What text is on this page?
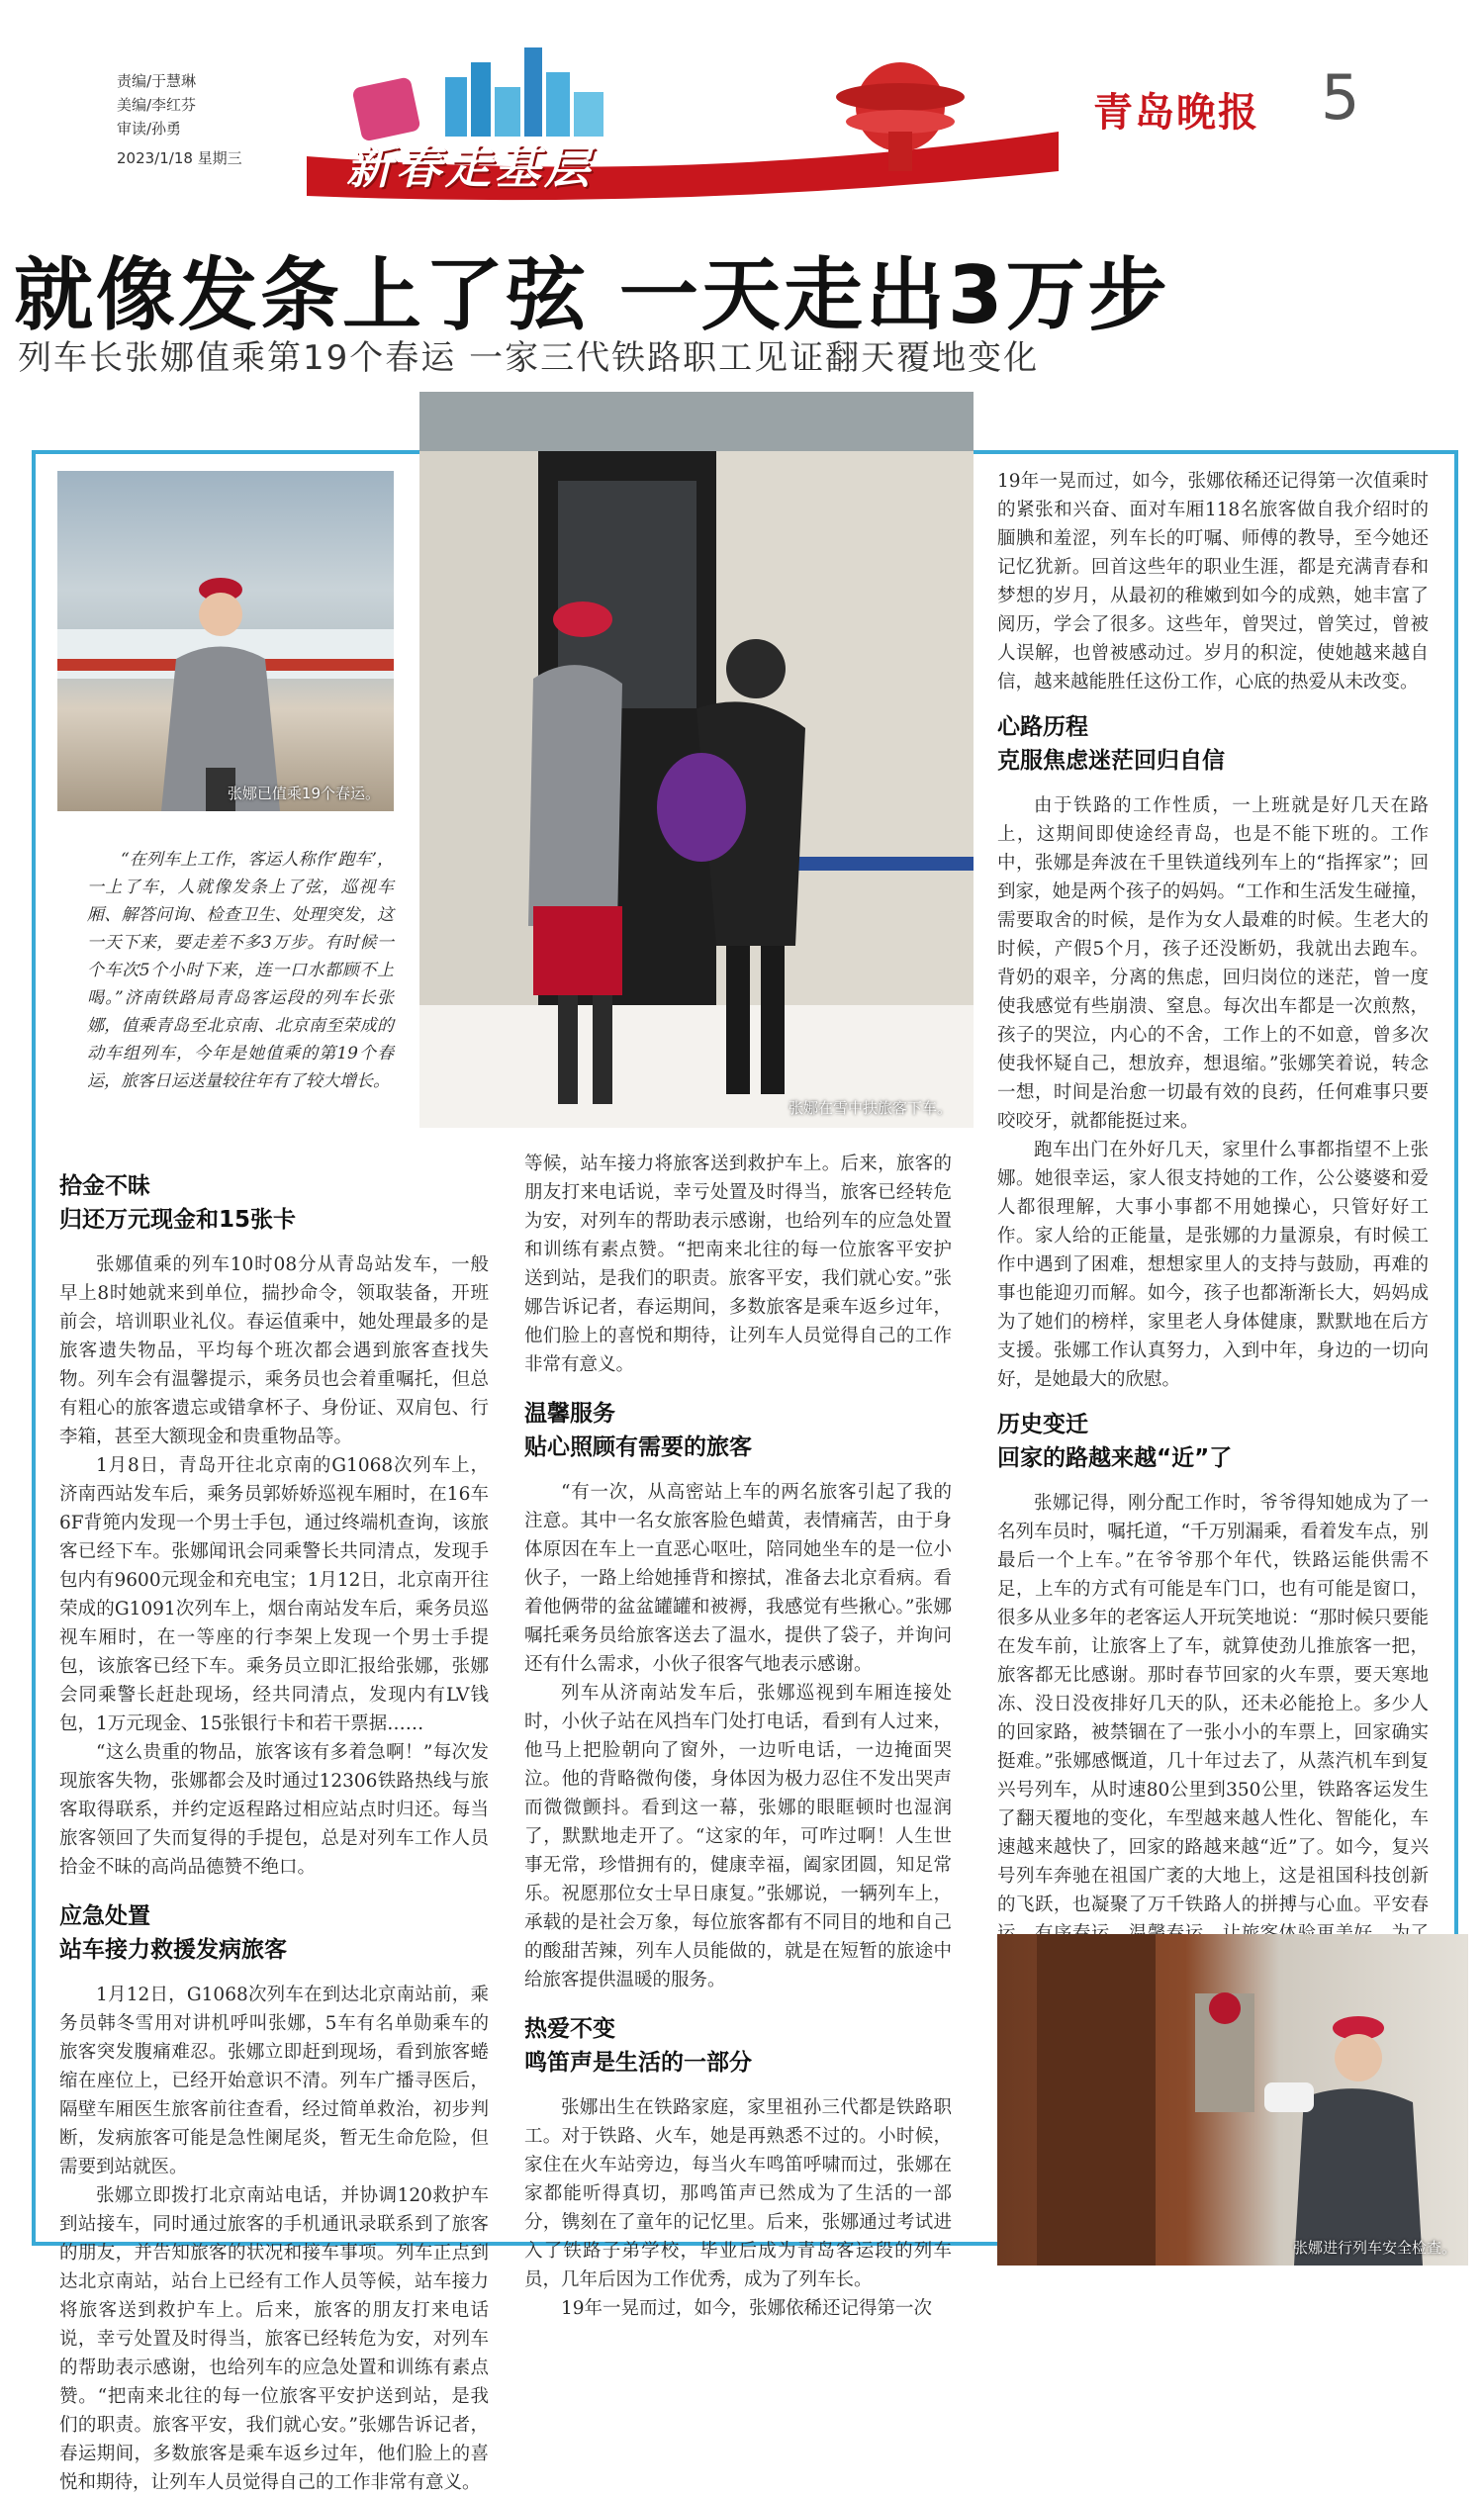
责编/于慧琳
美编/李红芬
审读/孙勇
2023/1/18 星期三 新春走基层
青岛晚报 5
就像发条上了弦 一天走出3万步
列车长张娜值乘第19个春运 一家三代铁路职工见证翻天覆地变化
张娜已值乘19个春运。
张娜在雪中扶旅客下车。

“在列车上工作，客运人称作‘跑车’，一上了车，人就像发条上了弦，巡视车厢、解答问询、检查卫生、处理突发，这一天下来，要走差不多3万步。有时候一个车次5个小时下来，连一口水都顾不上喝。”济南铁路局青岛客运段的列车长张娜，值乘青岛至北京南、北京南至荣成的动车组列车，今年是她值乘的第19个春运，旅客日运送量较往年有了较大增长。

拾金不昧
归还万元现金和15张卡

张娜值乘的列车10时08分从青岛站发车，一般早上8时她就来到单位，揣抄命令，领取装备，开班前会，培训职业礼仪。春运值乘中，她处理最多的是旅客遗失物品，平均每个班次都会遇到旅客查找失物。列车会有温馨提示，乘务员也会着重嘱托，但总有粗心的旅客遗忘或错拿杯子、身份证、双肩包、行李箱，甚至大额现金和贵重物品等。

1月8日，青岛开往北京南的G1068次列车上，济南西站发车后，乘务员郭娇娇巡视车厢时，在16车6F背篼内发现一个男士手包，通过终端机查询，该旅客已经下车。张娜闻讯会同乘警长共同清点，发现手包内有9600元现金和充电宝；1月12日，北京南开往荣成的G1091次列车上，烟台南站发车后，乘务员巡视车厢时，在一等座的行李架上发现一个男士手提包，该旅客已经下车。乘务员立即汇报给张娜，张娜会同乘警长赶赴现场，经共同清点，发现内有LV钱包，1万元现金、15张银行卡和若干票据……

“这么贵重的物品，旅客该有多着急啊！”每次发现旅客失物，张娜都会及时通过12306铁路热线与旅客取得联系，并约定返程路过相应站点时归还。每当旅客领回了失而复得的手提包，总是对列车工作人员拾金不昧的高尚品德赞不绝口。

应急处置
站车接力救援发病旅客

1月12日，G1068次列车在到达北京南站前，乘务员韩冬雪用对讲机呼叫张娜，5车有名单勋乘车的旅客突发腹痛难忍。张娜立即赶到现场，看到旅客蜷缩在座位上，已经开始意识不清。列车广播寻医后，隔壁车厢医生旅客前往查看，经过简单救治，初步判断，发病旅客可能是急性阑尾炎，暂无生命危险，但需要到站就医。

张娜立即拨打北京南站电话，并协调120救护车到站接车，同时通过旅客的手机通讯录联系到了旅客的朋友，并告知旅客的状况和接车事项。列车正点到达北京南站，站台上已经有工作人员等候，站车接力将旅客送到救护车上。后来，旅客的朋友打来电话说，幸亏处置及时得当，旅客已经转危为安，对列车的帮助表示感谢，也给列车的应急处置和训练有素点赞。“把南来北往的每一位旅客平安护送到站，是我们的职责。旅客平安，我们就心安。”张娜告诉记者，春运期间，多数旅客是乘车返乡过年，他们脸上的喜悦和期待，让列车人员觉得自己的工作非常有意义。

等候，站车接力将旅客送到救护车上。后来，旅客的朋友打来电话说，幸亏处置及时得当，旅客已经转危为安，对列车的帮助表示感谢，也给列车的应急处置和训练有素点赞。“把南来北往的每一位旅客平安护送到站，是我们的职责。旅客平安，我们就心安。”张娜告诉记者，春运期间，多数旅客是乘车返乡过年，他们脸上的喜悦和期待，让列车人员觉得自己的工作非常有意义。

温馨服务
贴心照顾有需要的旅客

“有一次，从高密站上车的两名旅客引起了我的注意。其中一名女旅客脸色蜡黄，表情痛苦，由于身体原因在车上一直恶心呕吐，陪同她坐车的是一位小伙子，一路上给她捶背和擦拭，准备去北京看病。看着他俩带的盆盆罐罐和被褥，我感觉有些揪心。”张娜嘱托乘务员给旅客送去了温水，提供了袋子，并询问还有什么需求，小伙子很客气地表示感谢。

列车从济南站发车后，张娜巡视到车厢连接处时，小伙子站在风挡车门处打电话，看到有人过来，他马上把脸朝向了窗外，一边听电话，一边掩面哭泣。他的背略微佝偻，身体因为极力忍住不发出哭声而微微颤抖。看到这一幕，张娜的眼眶顿时也湿润了，默默地走开了。“这家的年，可咋过啊！人生世事无常，珍惜拥有的，健康幸福，阖家团圆，知足常乐。祝愿那位女士早日康复。”张娜说，一辆列车上，承载的是社会万象，每位旅客都有不同目的地和自己的酸甜苦辣，列车人员能做的，就是在短暂的旅途中给旅客提供温暖的服务。

热爱不变
鸣笛声是生活的一部分

张娜出生在铁路家庭，家里祖孙三代都是铁路职工。对于铁路、火车，她是再熟悉不过的。小时候，家住在火车站旁边，每当火车鸣笛呼啸而过，张娜在家都能听得真切，那鸣笛声已然成为了生活的一部分，镌刻在了童年的记忆里。后来，张娜通过考试进入了铁路子弟学校，毕业后成为青岛客运段的列车员，几年后因为工作优秀，成为了列车长。

19年一晃而过，如今，张娜依稀还记得第一次

19年一晃而过，如今，张娜依稀还记得第一次值乘时的紧张和兴奋、面对车厢118名旅客做自我介绍时的腼腆和羞涩，列车长的叮嘱、师傅的教导，至今她还记忆犹新。回首这些年的职业生涯，都是充满青春和梦想的岁月，从最初的稚嫩到如今的成熟，她丰富了阅历，学会了很多。这些年，曾哭过，曾笑过，曾被人误解，也曾被感动过。岁月的积淀，使她越来越自信，越来越能胜任这份工作，心底的热爱从未改变。

心路历程
克服焦虑迷茫回归自信

由于铁路的工作性质，一上班就是好几天在路上，这期间即使途经青岛，也是不能下班的。工作中，张娜是奔波在千里铁道线列车上的“指挥家”；回到家，她是两个孩子的妈妈。“工作和生活发生碰撞，需要取舍的时候，是作为女人最难的时候。生老大的时候，产假5个月，孩子还没断奶，我就出去跑车。背奶的艰辛，分离的焦虑，回归岗位的迷茫，曾一度使我感觉有些崩溃、窒息。每次出车都是一次煎熬，孩子的哭泣，内心的不舍，工作上的不如意，曾多次使我怀疑自己，想放弃，想退缩。”张娜笑着说，转念一想，时间是治愈一切最有效的良药，任何难事只要咬咬牙，就都能挺过来。

跑车出门在外好几天，家里什么事都指望不上张娜。她很幸运，家人很支持她的工作，公公婆婆和爱人都很理解，大事小事都不用她操心，只管好好工作。家人给的正能量，是张娜的力量源泉，有时候工作中遇到了困难，想想家里人的支持与鼓励，再难的事也能迎刃而解。如今，孩子也都渐渐长大，妈妈成为了她们的榜样，家里老人身体健康，默默地在后方支援。张娜工作认真努力，入到中年，身边的一切向好，是她最大的欣慰。

历史变迁
回家的路越来越“近”了

张娜记得，刚分配工作时，爷爷得知她成为了一名列车员时，嘱托道，“千万别漏乘，看着发车点，别最后一个上车。”在爷爷那个年代，铁路运能供需不足，上车的方式有可能是车门口，也有可能是窗口，很多从业多年的老客运人开玩笑地说：“那时候只要能在发车前，让旅客上了车，就算使劲儿推旅客一把，旅客都无比感谢。那时春节回家的火车票，要天寒地冻、没日没夜排好几天的队，还未必能抢上。多少人的回家路，被禁锢在了一张小小的车票上，回家确实挺难。”张娜感慨道，几十年过去了，从蒸汽机车到复兴号列车，从时速80公里到350公里，铁路客运发生了翻天覆地的变化，车型越来越人性化、智能化，车速越来越快了，回家的路越来越“近”了。如今，复兴号列车奔驰在祖国广袤的大地上，这是祖国科技创新的飞跃，也凝聚了万千铁路人的拼搏与心血。平安春

张娜进行列车安全检查。
